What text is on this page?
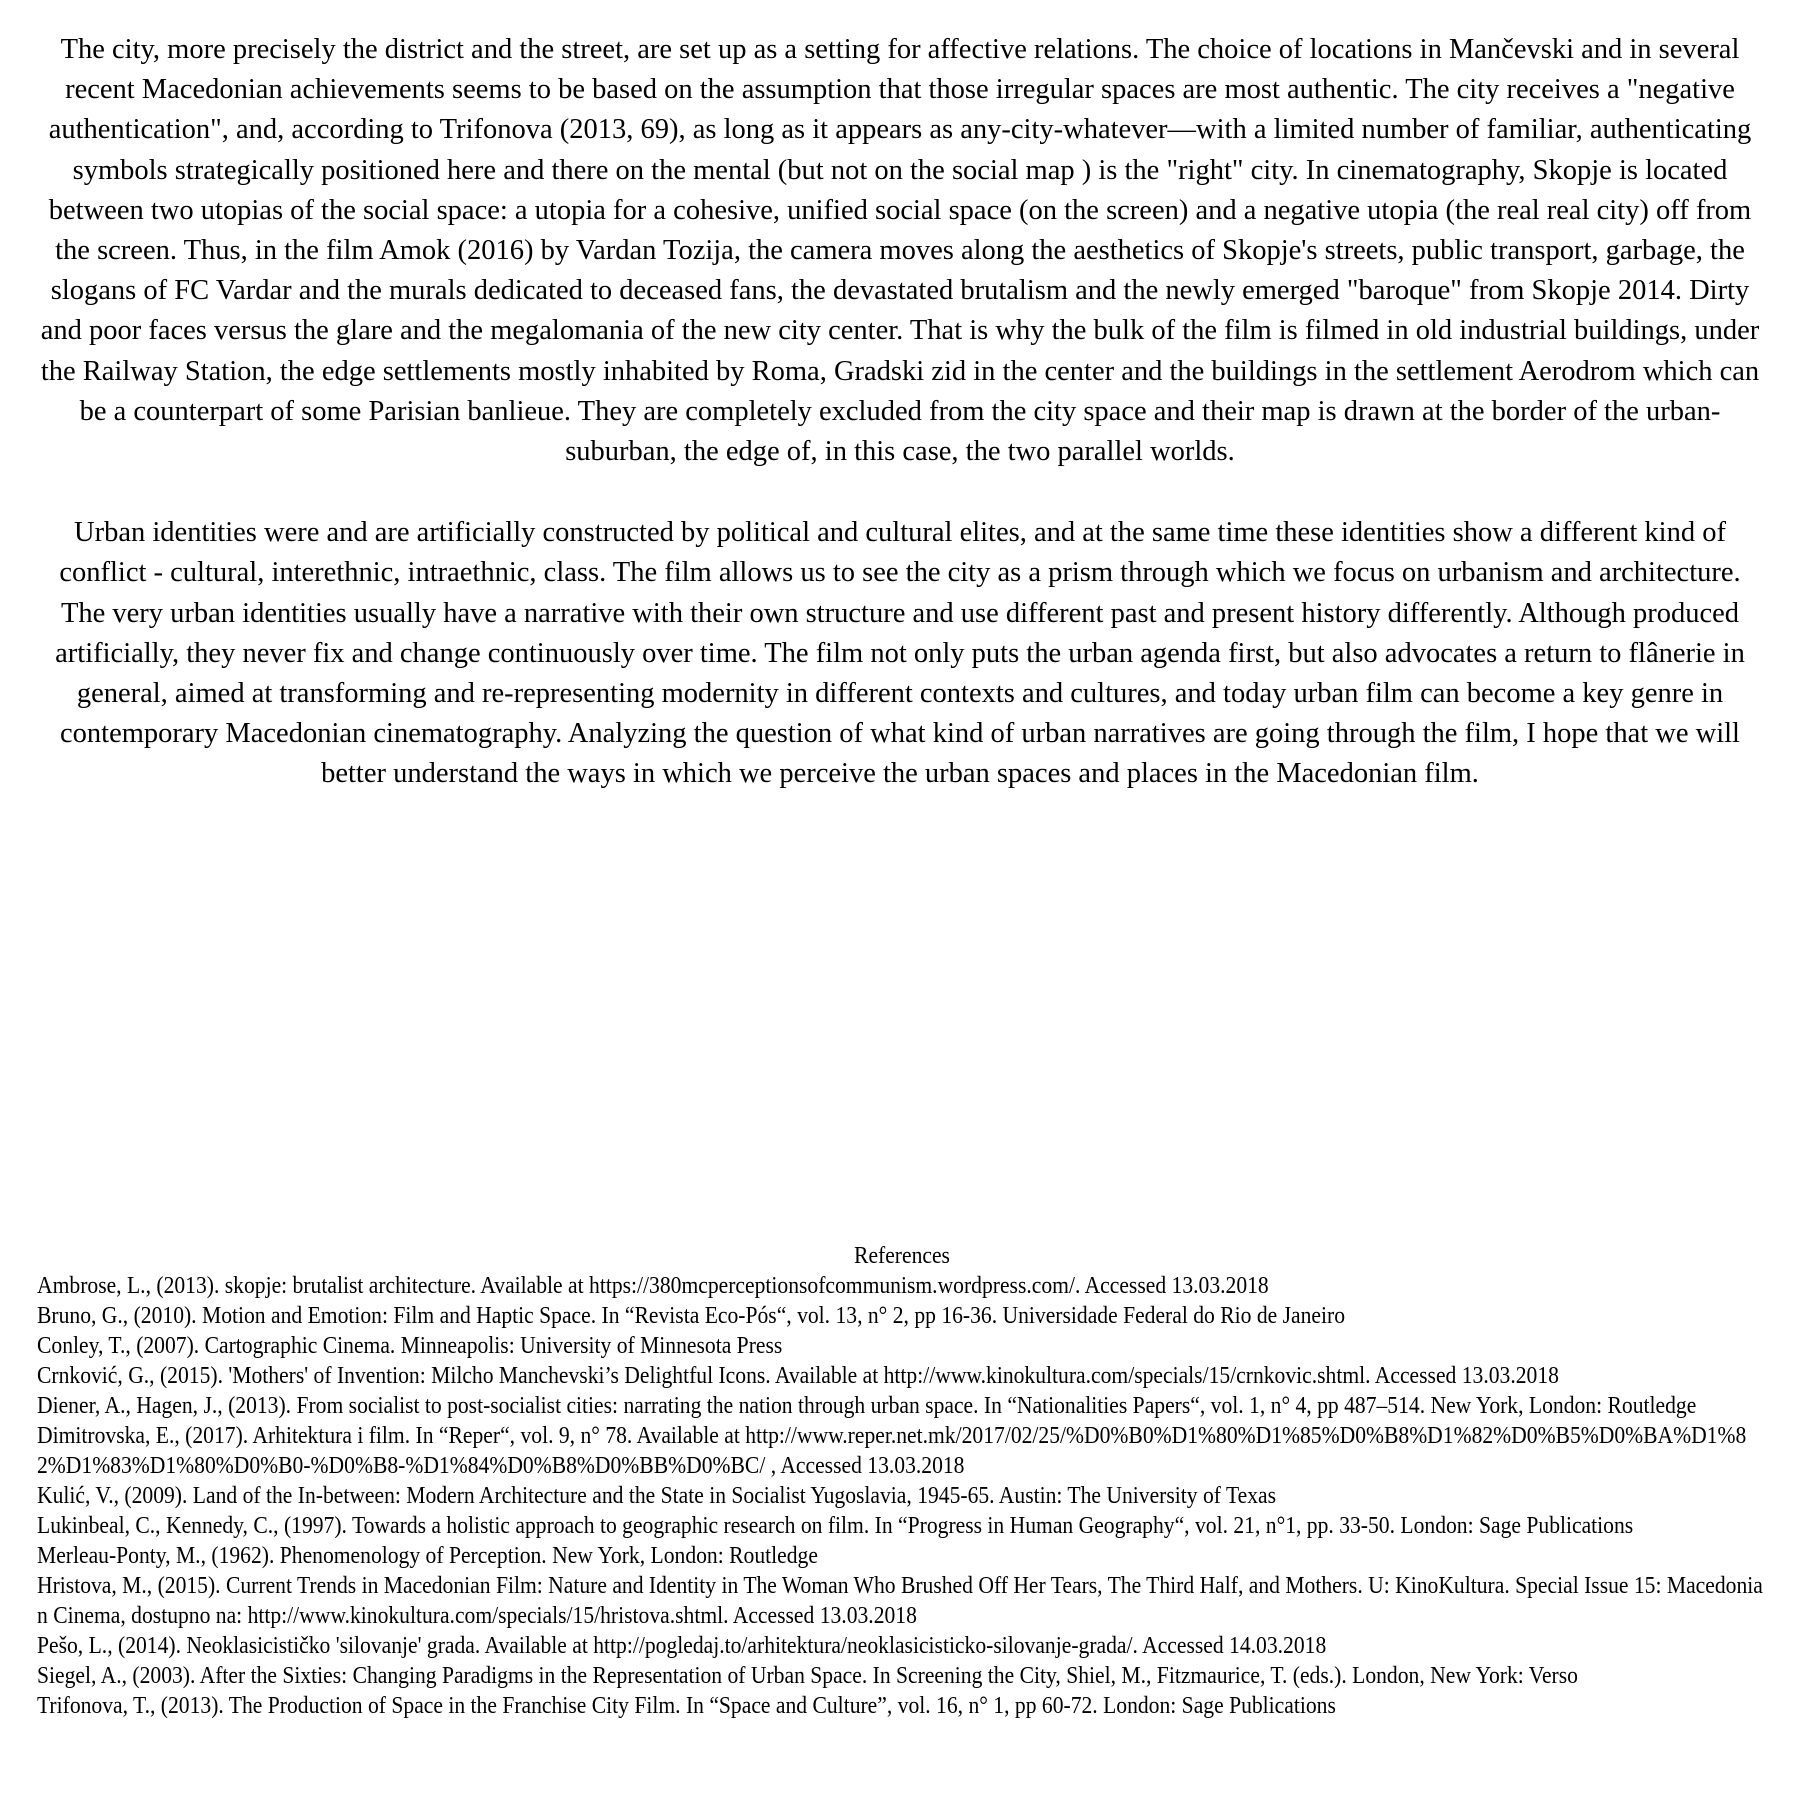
The city, more precisely the district and the street, are set up as a setting for affective relations. The choice of locations in Mančevski and in several recent Macedonian achievements seems to be based on the assumption that those irregular spaces are most authentic. The city receives a "negative authentication", and, according to Trifonova (2013, 69), as long as it appears as any-city-whatever—with a limited number of familiar, authenticating symbols strategically positioned here and there on the mental (but not on the social map ) is the "right" city. In cinematography, Skopje is located between two utopias of the social space: a utopia for a cohesive, unified social space (on the screen) and a negative utopia (the real real city) off from the screen. Thus, in the film Amok (2016) by Vardan Tozija, the camera moves along the aesthetics of Skopje's streets, public transport, garbage, the slogans of FC Vardar and the murals dedicated to deceased fans, the devastated brutalism and the newly emerged "baroque" from Skopje 2014. Dirty and poor faces versus the glare and the megalomania of the new city center. That is why the bulk of the film is filmed in old industrial buildings, under the Railway Station, the edge settlements mostly inhabited by Roma, Gradski zid in the center and the buildings in the settlement Aerodrom which can be a counterpart of some Parisian banlieue. They are completely excluded from the city space and their map is drawn at the border of the urban-suburban, the edge of, in this case, the two parallel worlds.

Urban identities were and are artificially constructed by political and cultural elites, and at the same time these identities show a different kind of conflict - cultural, interethnic, intraethnic, class. The film allows us to see the city as a prism through which we focus on urbanism and architecture. The very urban identities usually have a narrative with their own structure and use different past and present history differently. Although produced artificially, they never fix and change continuously over time. The film not only puts the urban agenda first, but also advocates a return to flânerie in general, aimed at transforming and re-representing modernity in different contexts and cultures, and today urban film can become a key genre in contemporary Macedonian cinematography. Analyzing the question of what kind of urban narratives are going through the film, I hope that we will better understand the ways in which we perceive the urban spaces and places in the Macedonian film.

References
Ambrose, L., (2013). skopje: brutalist architecture. Available at https://380mcperceptionsofcommunism.wordpress.com/. Accessed 13.03.2018
Bruno, G., (2010). Motion and Emotion: Film and Haptic Space. In “Revista Eco-Pós“, vol. 13, n° 2, pp 16-36. Universidade Federal do Rio de Janeiro
Conley, T., (2007). Cartographic Cinema. Minneapolis: University of Minnesota Press
Crnković, G., (2015). 'Mothers' of Invention: Milcho Manchevski’s Delightful Icons. Available at http://www.kinokultura.com/specials/15/crnkovic.shtml. Accessed 13.03.2018
Diener, A., Hagen, J., (2013). From socialist to post-socialist cities: narrating the nation through urban space. In “Nationalities Papers“, vol. 1, n° 4, pp 487–514. New York, London: Routledge
Dimitrovska, E., (2017). Arhitektura i film. In “Reper“, vol. 9, n° 78. Available at http://www.reper.net.mk/2017/02/25/%D0%B0%D1%80%D1%85%D0%B8%D1%82%D0%B5%D0%BA%D1%82%D1%83%D1%80%D0%B0-%D0%B8-%D1%84%D0%B8%D0%BB%D0%BC/ , Accessed 13.03.2018
Kulić, V., (2009). Land of the In-between: Modern Architecture and the State in Socialist Yugoslavia, 1945-65. Austin: The University of Texas
Lukinbeal, C., Kennedy, C., (1997). Towards a holistic approach to geographic research on film. In “Progress in Human Geography“, vol. 21, n°1, pp. 33-50. London: Sage Publications
Merleau-Ponty, M., (1962). Phenomenology of Perception. New York, London: Routledge
Hristova, M., (2015). Current Trends in Macedonian Film: Nature and Identity in The Woman Who Brushed Off Her Tears, The Third Half, and Mothers. U: KinoKultura. Special Issue 15: Macedonian Cinema, dostupno na: http://www.kinokultura.com/specials/15/hristova.shtml. Accessed 13.03.2018
Pešo, L., (2014). Neoklasicističko 'silovanje' grada. Available at http://pogledaj.to/arhitektura/neoklasicisticko-silovanje-grada/. Accessed 14.03.2018
Siegel, A., (2003). After the Sixties: Changing Paradigms in the Representation of Urban Space. In Screening the City, Shiel, M., Fitzmaurice, T. (eds.). London, New York: Verso
Trifonova, T., (2013). The Production of Space in the Franchise City Film. In “Space and Culture”, vol. 16, n° 1, pp 60-72. London: Sage Publications
